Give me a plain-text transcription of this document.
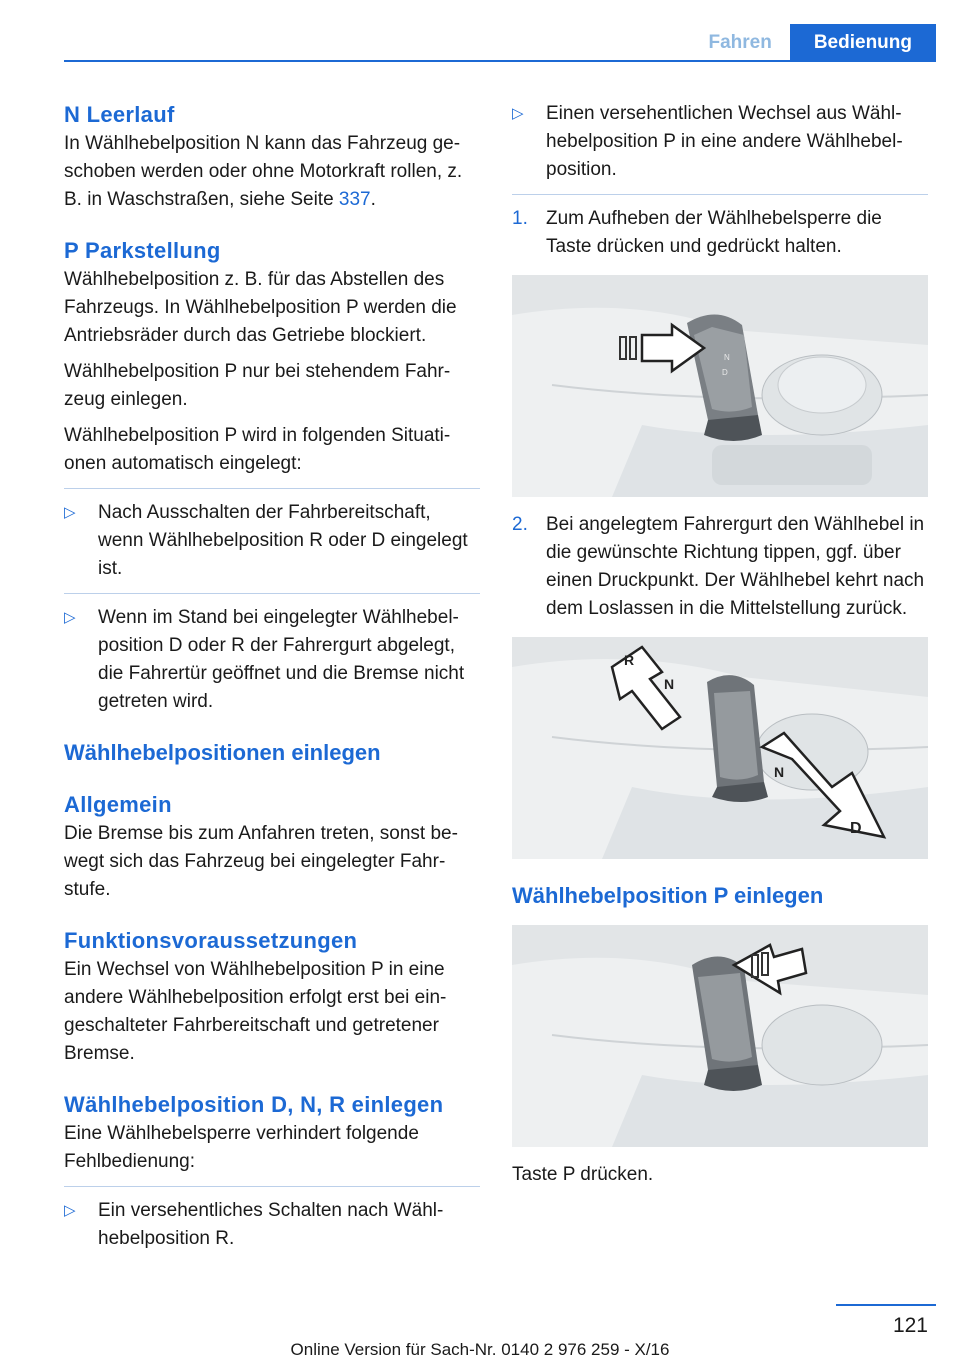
Fahren	Bedienung
N Leerlauf

In Wählhebelposition N kann das Fahrzeug geschoben werden oder ohne Motorkraft rollen, z. B. in Waschstraßen, siehe Seite 337.

P Parkstellung

Wählhebelposition z. B. für das Abstellen des Fahrzeugs. In Wählhebelposition P werden die Antriebsräder durch das Getriebe blockiert.

Wählhebelposition P nur bei stehendem Fahrzeug einlegen.

Wählhebelposition P wird in folgenden Situationen automatisch eingelegt:

▷	Nach Ausschalten der Fahrbereitschaft, wenn Wählhebelposition R oder D eingelegt ist.

▷	Wenn im Stand bei eingelegter Wählhebelposition D oder R der Fahrergurt abgelegt, die Fahrertür geöffnet und die Bremse nicht getreten wird.

Wählhebelpositionen einlegen
Allgemein

Die Bremse bis zum Anfahren treten, sonst bewegt sich das Fahrzeug bei eingelegter Fahrstufe.

Funktionsvoraussetzungen

Ein Wechsel von Wählhebelposition P in eine andere Wählhebelposition erfolgt erst bei eingeschalteter Fahrbereitschaft und getretener Bremse.

Wählhebelposition D, N, R einlegen

Eine Wählhebelsperre verhindert folgende Fehlbedienung:

▷	Ein versehentliches Schalten nach Wählhebelposition R.

▷	Einen versehentlichen Wechsel aus Wählhebelposition P in eine andere Wählhebelposition.

1. Zum Aufheben der Wählhebelsperre die Taste drücken und gedrückt halten.

N
D
2. Bei angelegtem Fahrergurt den Wählhebel in die gewünschte Richtung tippen, ggf. über einen Druckpunkt. Der Wählhebel kehrt nach dem Loslassen in die Mittelstellung zurück.

R
N
N
D
Wählhebelposition P einlegen

Taste P drücken.

121
Online Version für Sach-Nr. 0140 2 976 259 - X/16
